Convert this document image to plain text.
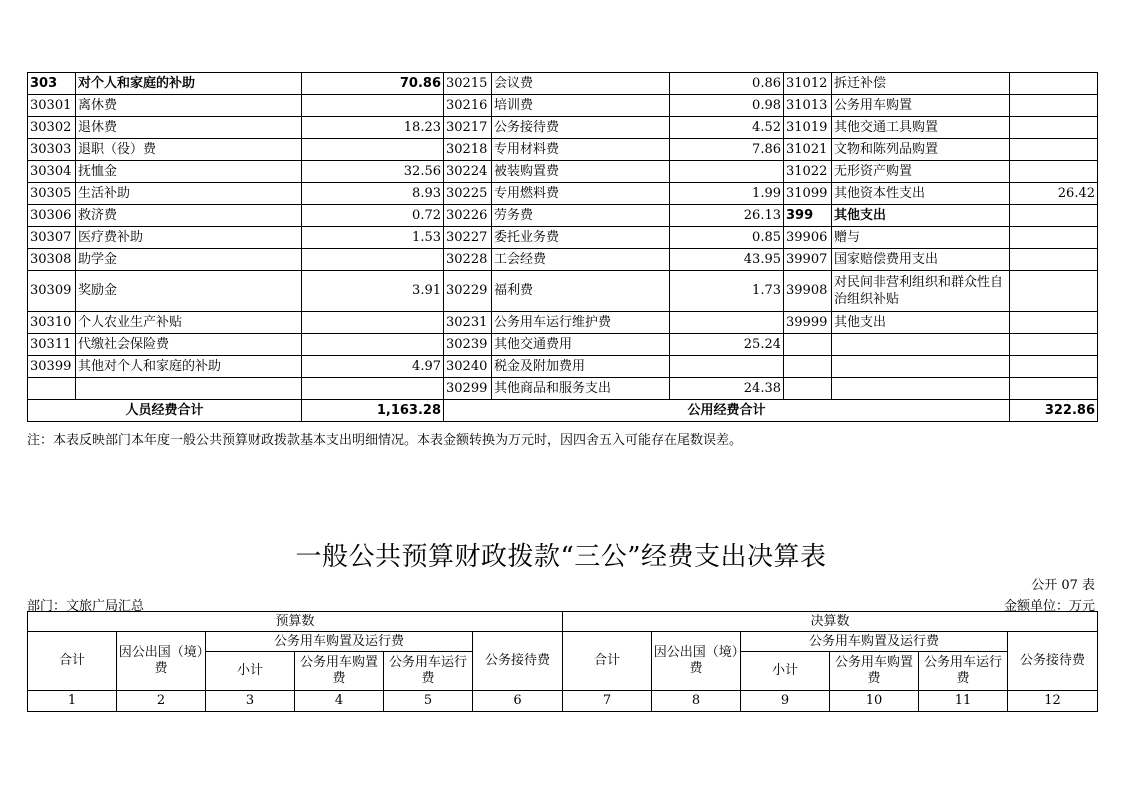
303	对个人和家庭的补助	70.86	30215	会议费	0.86	31012	拆迁补偿	
30301	离休费		30216	培训费	0.98	31013	公务用车购置	
30302	退休费	18.23	30217	公务接待费	4.52	31019	其他交通工具购置	
30303	退职（役）费		30218	专用材料费	7.86	31021	文物和陈列品购置	
30304	抚恤金	32.56	30224	被装购置费		31022	无形资产购置	
30305	生活补助	8.93	30225	专用燃料费	1.99	31099	其他资本性支出	26.42
30306	救济费	0.72	30226	劳务费	26.13	399	其他支出	
30307	医疗费补助	1.53	30227	委托业务费	0.85	39906	赠与	
30308	助学金		30228	工会经费	43.95	39907	国家赔偿费用支出	
30309	奖励金	3.91	30229	福利费	1.73	39908	对民间非营利组织和群众性自治组织补贴	
30310	个人农业生产补贴		30231	公务用车运行维护费		39999	其他支出	
30311	代缴社会保险费		30239	其他交通费用	25.24			
30399	其他对个人和家庭的补助	4.97	30240	税金及附加费用				
			30299	其他商品和服务支出	24.38			
人员经费合计		1,163.28	公用经费合计					322.86
注：本表反映部门本年度一般公共预算财政拨款基本支出明细情况。本表金额转换为万元时，因四舍五入可能存在尾数误差。
一般公共预算财政拨款“三公”经费支出决算表
公开 07 表
部门：文旅广局汇总	金额单位：万元
预算数						决算数					
合计	因公出国（境）费	公务用车购置及运行费			公务接待费	合计	因公出国（境）费	公务用车购置及运行费			公务接待费
		小计	公务用车购置费	公务用车运行费				小计	公务用车购置费	公务用车运行费	
1	2	3	4	5	6	7	8	9	10	11	12
